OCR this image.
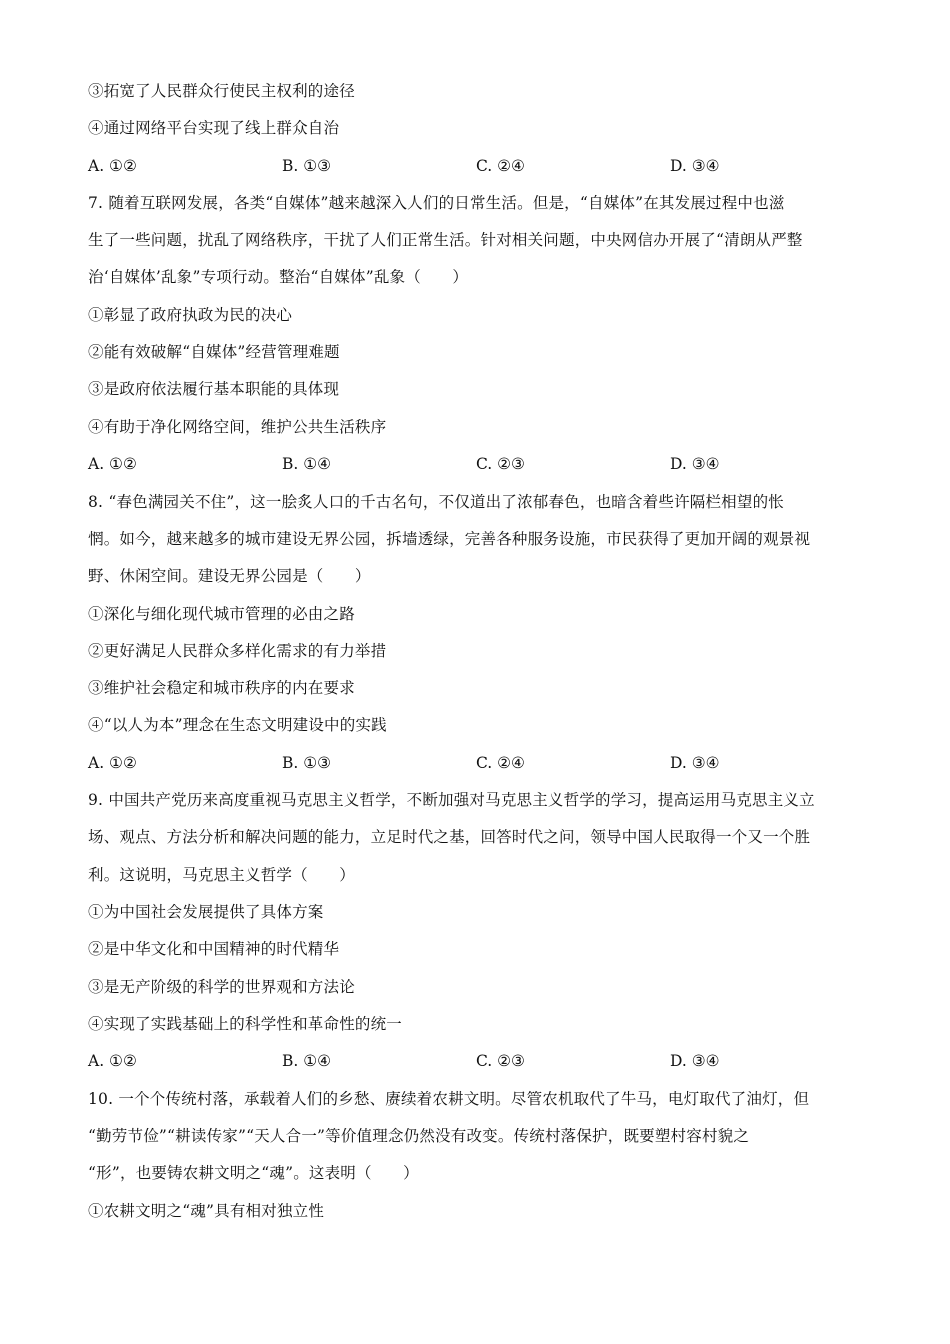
③拓宽了人民群众行使民主权利的途径
④通过网络平台实现了线上群众自治
7. 随着互联网发展，各类“自媒体”越来越深入人们的日常生活。但是，“自媒体”在其发展过程中也滋
生了一些问题，扰乱了网络秩序，干扰了人们正常生活。针对相关问题，中央网信办开展了“清朗从严整
治‘自媒体’乱象”专项行动。整治“自媒体”乱象（　　）
①彰显了政府执政为民的决心
②能有效破解“自媒体”经营管理难题
③是政府依法履行基本职能的具体现
④有助于净化网络空间，维护公共生活秩序
8. “春色满园关不住”，这一脍炙人口的千古名句，不仅道出了浓郁春色，也暗含着些许隔栏相望的怅
惘。如今，越来越多的城市建设无界公园，拆墙透绿，完善各种服务设施，市民获得了更加开阔的观景视
野、休闲空间。建设无界公园是（　　）
①深化与细化现代城市管理的必由之路
②更好满足人民群众多样化需求的有力举措
③维护社会稳定和城市秩序的内在要求
④“以人为本”理念在生态文明建设中的实践
9. 中国共产党历来高度重视马克思主义哲学，不断加强对马克思主义哲学的学习，提高运用马克思主义立
场、观点、方法分析和解决问题的能力，立足时代之基，回答时代之问，领导中国人民取得一个又一个胜
利。这说明，马克思主义哲学（　　）
①为中国社会发展提供了具体方案
②是中华文化和中国精神的时代精华
③是无产阶级的科学的世界观和方法论
④实现了实践基础上的科学性和革命性的统一
10. 一个个传统村落，承载着人们的乡愁、赓续着农耕文明。尽管农机取代了牛马，电灯取代了油灯，但
“勤劳节俭”“耕读传家”“天人合一”等价值理念仍然没有改变。传统村落保护，既要塑村容村貌之
“形”，也要铸农耕文明之“魂”。这表明（　　）
①农耕文明之“魂”具有相对独立性
A. ①②	B. ①③	C. ②④	D. ③④
A. ①②	B. ①④	C. ②③	D. ③④
A. ①②	B. ①③	C. ②④	D. ③④
A. ①②	B. ①④	C. ②③	D. ③④
